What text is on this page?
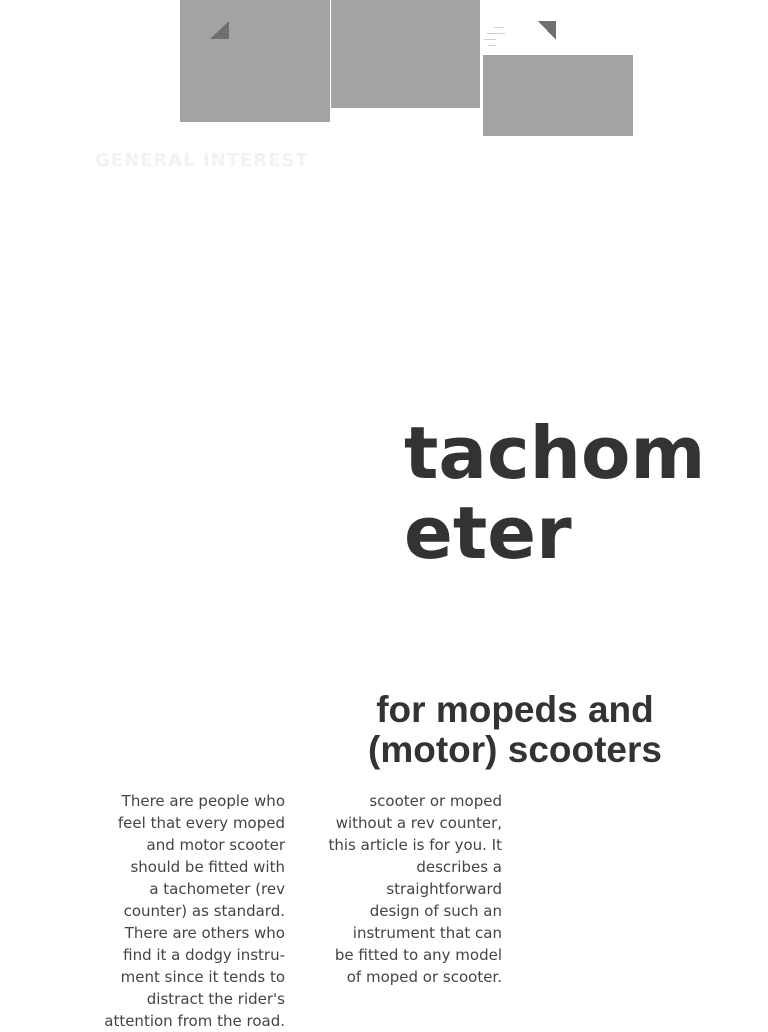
GENERAL INTEREST
tachom
eter
for mopeds and
(motor) scooters
There are people who
feel that every moped
and motor scooter
should be fitted with
a tachometer (rev
counter) as standard.
There are others who
find it a dodgy instru-
ment since it tends to
distract the rider's
attention from the road.
scooter or moped
without a rev counter,
this article is for you. It
describes a
straightforward
design of such an
instrument that can
be fitted to any model
of moped or scooter.
